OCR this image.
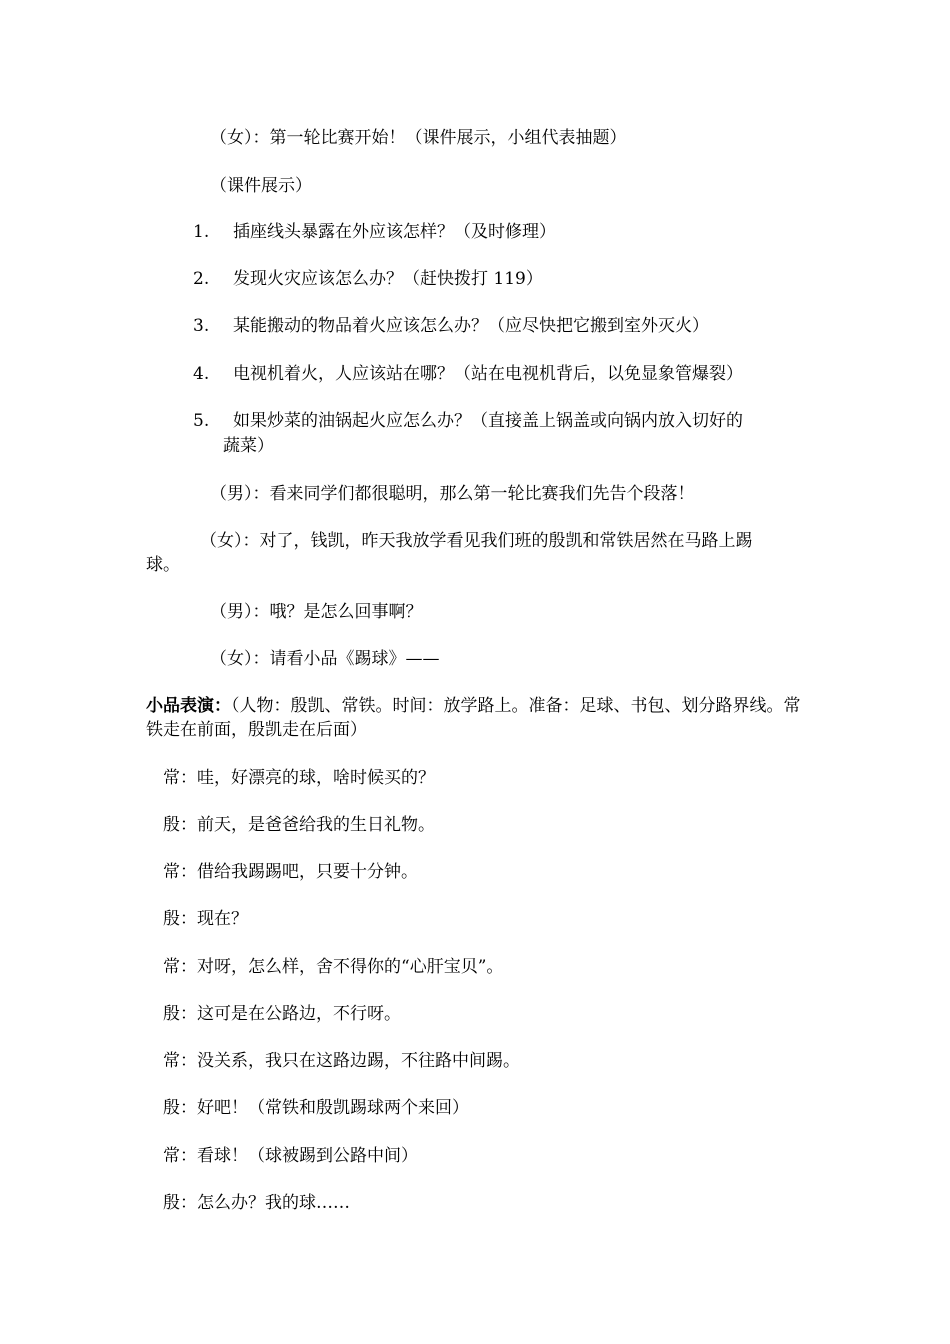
（女）：第一轮比赛开始！（课件展示，小组代表抽题）
（课件展示）
1. 插座线头暴露在外应该怎样？（及时修理）
2. 发现火灾应该怎么办？（赶快拨打 119）
3. 某能搬动的物品着火应该怎么办？（应尽快把它搬到室外灭火）
4. 电视机着火，人应该站在哪？（站在电视机背后，以免显象管爆裂）
5. 如果炒菜的油锅起火应怎么办？（直接盖上锅盖或向锅内放入切好的
蔬菜）
（男）：看来同学们都很聪明，那么第一轮比赛我们先告个段落！
（女）：对了，钱凯，昨天我放学看见我们班的殷凯和常铁居然在马路上踢
球。
（男）：哦？是怎么回事啊？
（女）：请看小品《踢球》——
小品表演：（人物：殷凯、常铁。时间：放学路上。准备：足球、书包、划分路界线。常
铁走在前面，殷凯走在后面）
常：哇，好漂亮的球，啥时候买的？
殷：前天，是爸爸给我的生日礼物。
常：借给我踢踢吧，只要十分钟。
殷：现在？
常：对呀，怎么样，舍不得你的“心肝宝贝”。
殷：这可是在公路边，不行呀。
常：没关系，我只在这路边踢，不往路中间踢。
殷：好吧！（常铁和殷凯踢球两个来回）
常：看球！（球被踢到公路中间）
殷：怎么办？我的球……
